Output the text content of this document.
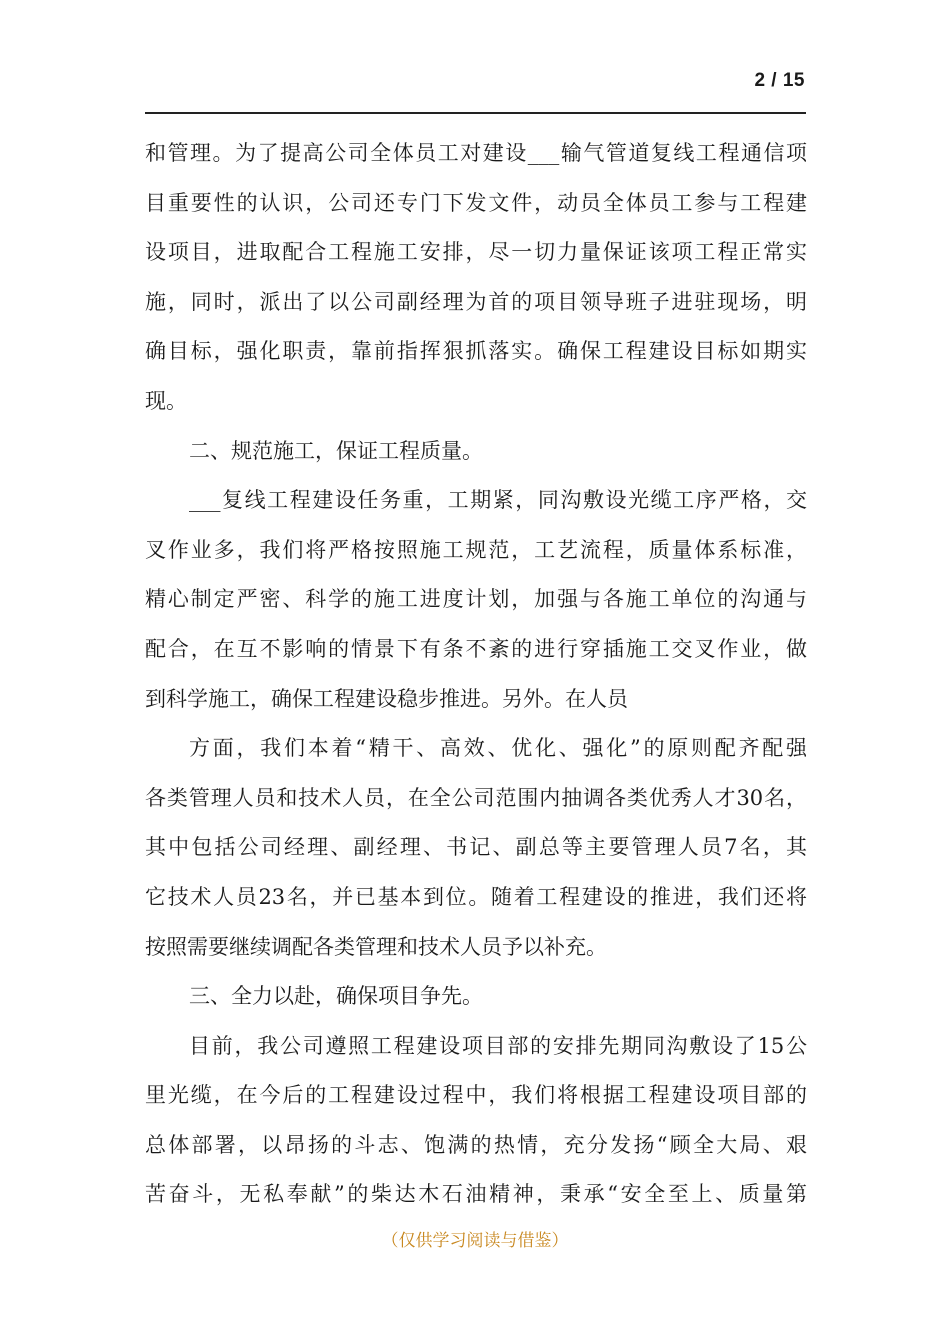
2 / 15
和管理。为了提高公司全体员工对建设___输气管道复线工程通信项
目重要性的认识，公司还专门下发文件，动员全体员工参与工程建
设项目，进取配合工程施工安排，尽一切力量保证该项工程正常实
施，同时，派出了以公司副经理为首的项目领导班子进驻现场，明
确目标，强化职责，靠前指挥狠抓落实。确保工程建设目标如期实
现。
二、规范施工，保证工程质量。
___复线工程建设任务重，工期紧，同沟敷设光缆工序严格，交
叉作业多，我们将严格按照施工规范，工艺流程，质量体系标准，
精心制定严密、科学的施工进度计划，加强与各施工单位的沟通与
配合，在互不影响的情景下有条不紊的进行穿插施工交叉作业，做
到科学施工，确保工程建设稳步推进。另外。在人员
方面，我们本着“精干、高效、优化、强化”的原则配齐配强
各类管理人员和技术人员，在全公司范围内抽调各类优秀人才30名，
其中包括公司经理、副经理、书记、副总等主要管理人员7名，其
它技术人员23名，并已基本到位。随着工程建设的推进，我们还将
按照需要继续调配各类管理和技术人员予以补充。
三、全力以赴，确保项目争先。
目前，我公司遵照工程建设项目部的安排先期同沟敷设了15公
里光缆，在今后的工程建设过程中，我们将根据工程建设项目部的
总体部署，以昂扬的斗志、饱满的热情，充分发扬“顾全大局、艰
苦奋斗，无私奉献”的柴达木石油精神，秉承“安全至上、质量第
（仅供学习阅读与借鉴）
